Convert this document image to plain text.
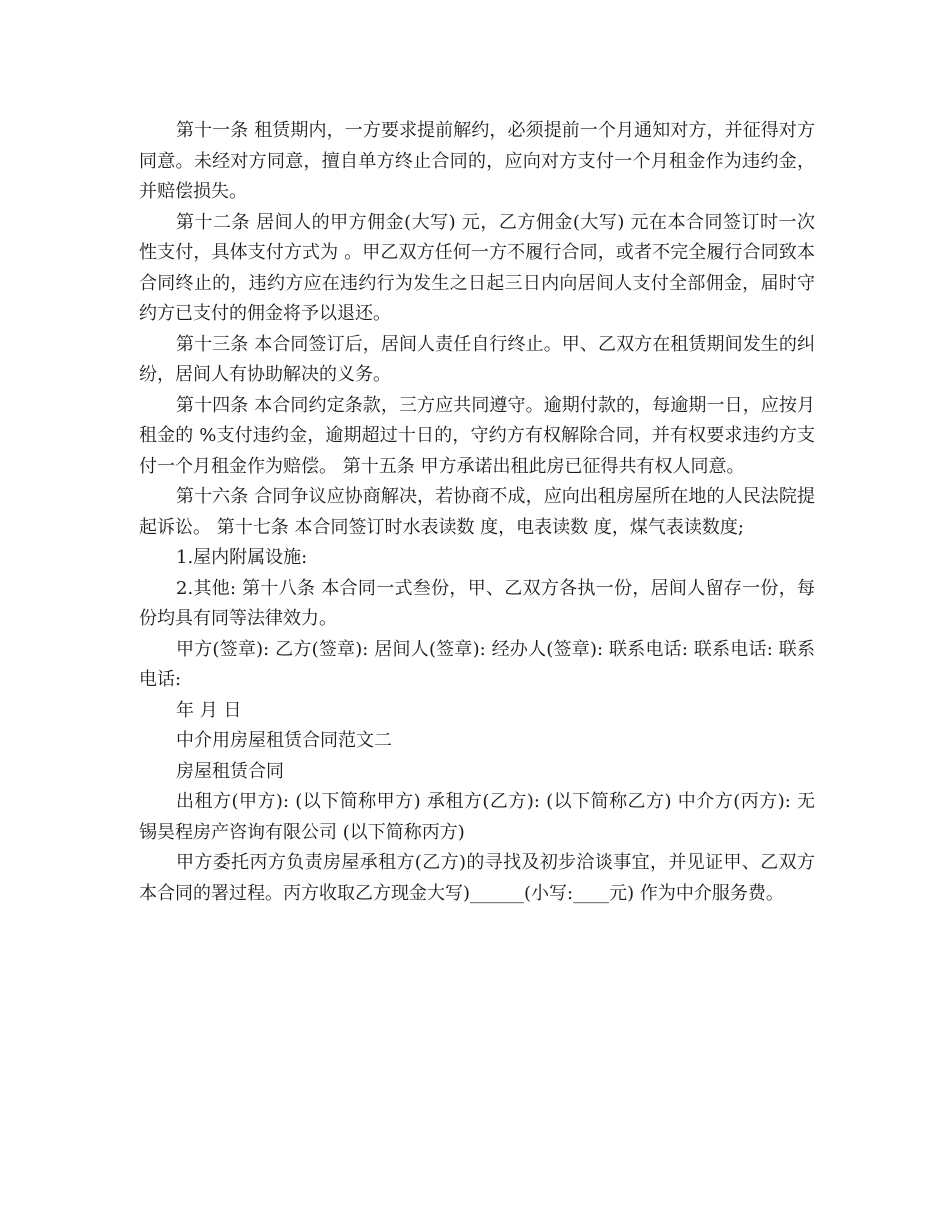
第十一条 租赁期内，一方要求提前解约，必须提前一个月通知对方，并征得对方同意。未经对方同意，擅自单方终止合同的，应向对方支付一个月租金作为违约金，并赔偿损失。

第十二条 居间人的甲方佣金(大写) 元，乙方佣金(大写) 元在本合同签订时一次性支付，具体支付方式为 。甲乙双方任何一方不履行合同，或者不完全履行合同致本合同终止的，违约方应在违约行为发生之日起三日内向居间人支付全部佣金，届时守约方已支付的佣金将予以退还。

第十三条 本合同签订后，居间人责任自行终止。甲、乙双方在租赁期间发生的纠纷，居间人有协助解决的义务。

第十四条 本合同约定条款，三方应共同遵守。逾期付款的，每逾期一日，应按月租金的 %支付违约金，逾期超过十日的，守约方有权解除合同，并有权要求违约方支付一个月租金作为赔偿。 第十五条 甲方承诺出租此房已征得共有权人同意。

第十六条 合同争议应协商解决，若协商不成，应向出租房屋所在地的人民法院提起诉讼。 第十七条 本合同签订时水表读数 度，电表读数 度，煤气表读数度;

1.屋内附属设施:

2.其他: 第十八条 本合同一式叁份，甲、乙双方各执一份，居间人留存一份，每份均具有同等法律效力。

甲方(签章): 乙方(签章): 居间人(签章): 经办人(签章): 联系电话: 联系电话: 联系电话:

年 月 日

中介用房屋租赁合同范文二

房屋租赁合同

出租方(甲方): (以下简称甲方) 承租方(乙方): (以下简称乙方) 中介方(丙方): 无锡昊程房产咨询有限公司 (以下简称丙方)

甲方委托丙方负责房屋承租方(乙方)的寻找及初步洽谈事宜，并见证甲、乙双方本合同的署过程。丙方收取乙方现金大写)______(小写:____元) 作为中介服务费。
